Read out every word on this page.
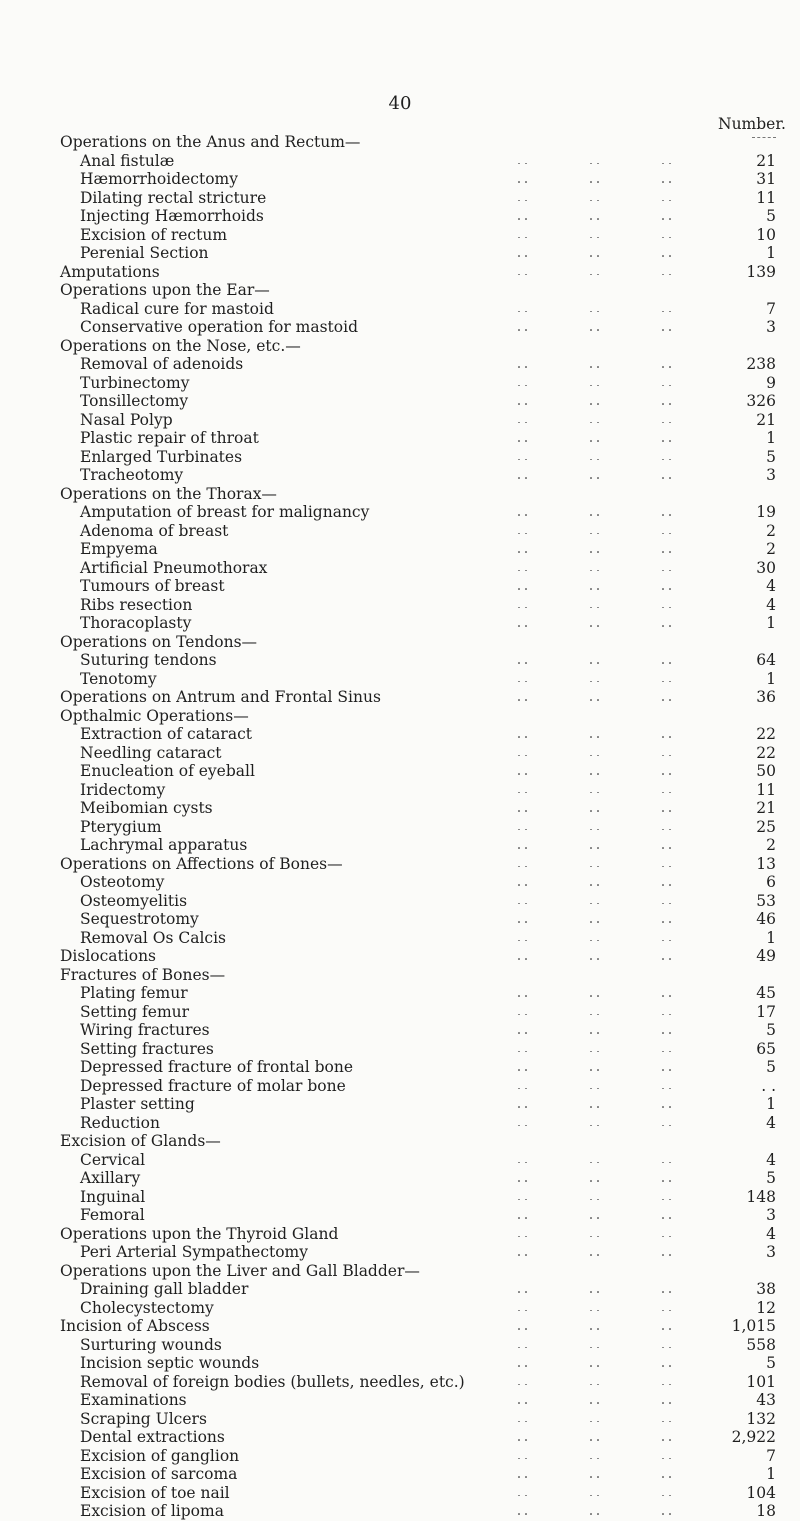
40
Number.
Operations on the Anus and Rectum—
Anal fistulæ	21
Hæmorrhoidectomy	31
Dilating rectal stricture	11
Injecting Hæmorrhoids	5
Excision of rectum	10
Perenial Section	1
Amputations	139
Operations upon the Ear—
Radical cure for mastoid	7
Conservative operation for mastoid	3
Operations on the Nose, etc.—
Removal of adenoids	238
Turbinectomy	9
Tonsillectomy	326
Nasal Polyp	21
Plastic repair of throat	1
Enlarged Turbinates	5
Tracheotomy	3
Operations on the Thorax—
Amputation of breast for malignancy	19
Adenoma of breast	2
Empyema	2
Artificial Pneumothorax	30
Tumours of breast	4
Ribs resection	4
Thoracoplasty	1
Operations on Tendons—
Suturing tendons	64
Tenotomy	1
Operations on Antrum and Frontal Sinus	36
Opthalmic Operations—
Extraction of cataract	22
Needling cataract	22
Enucleation of eyeball	50
Iridectomy	11
Meibomian cysts	21
Pterygium	25
Lachrymal apparatus	2
Operations on Affections of Bones—	13
Osteotomy	6
Osteomyelitis	53
Sequestrotomy	46
Removal Os Calcis	1
Dislocations	49
Fractures of Bones—
Plating femur	45
Setting femur	17
Wiring fractures	5
Setting fractures	65
Depressed fracture of frontal bone	5
Depressed fracture of molar bone	. .
Plaster setting	1
Reduction	4
Excision of Glands—
Cervical	4
Axillary	5
Inguinal	148
Femoral	3
Operations upon the Thyroid Gland	4
Peri Arterial Sympathectomy	3
Operations upon the Liver and Gall Bladder—
Draining gall bladder	38
Cholecystectomy	12
Incision of Abscess	1,015
Surturing wounds	558
Incision septic wounds	5
Removal of foreign bodies (bullets, needles, etc.)	101
Examinations	43
Scraping Ulcers	132
Dental extractions	2,922
Excision of ganglion	7
Excision of sarcoma	1
Excision of toe nail	104
Excision of lipoma	18
